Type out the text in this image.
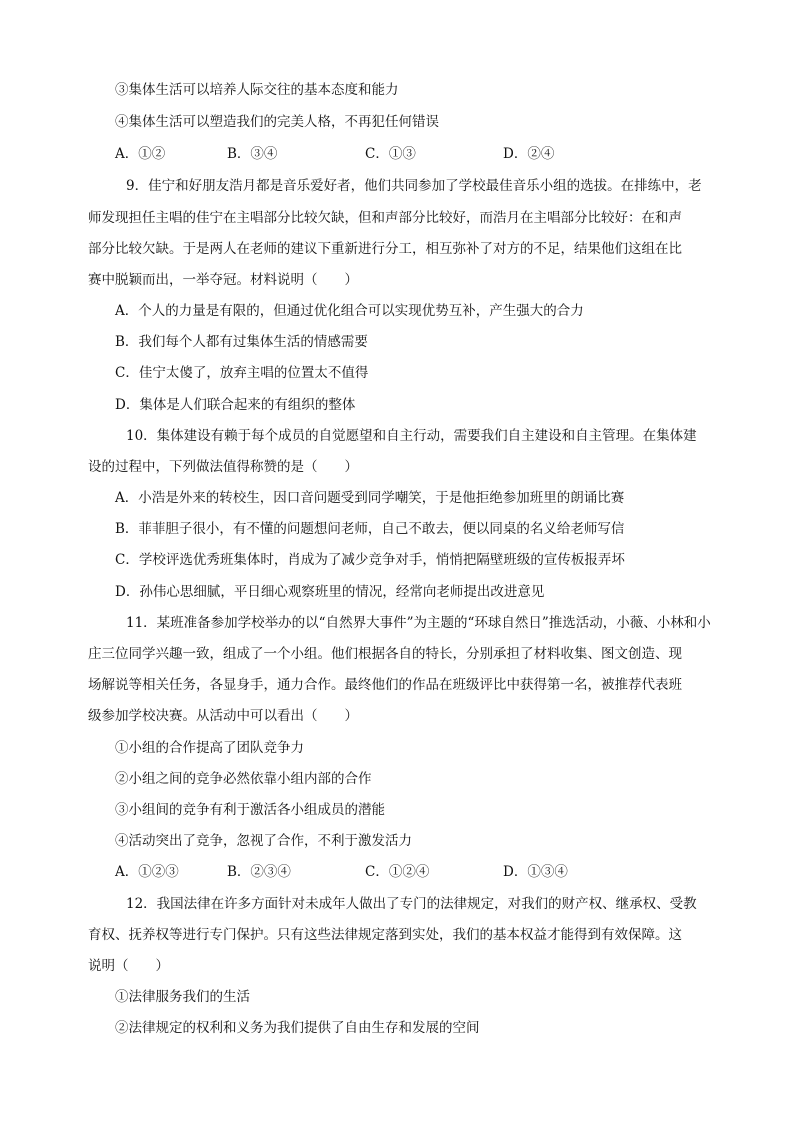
③集体生活可以培养人际交往的基本态度和能力
④集体生活可以塑造我们的完美人格，不再犯任何错误
A．①②	B．③④	C．①③	D．②④
9．佳宁和好朋友浩月都是音乐爱好者，他们共同参加了学校最佳音乐小组的选拔。在排练中，老
师发现担任主唱的佳宁在主唱部分比较欠缺，但和声部分比较好，而浩月在主唱部分比较好：在和声
部分比较欠缺。于是两人在老师的建议下重新进行分工，相互弥补了对方的不足，结果他们这组在比
赛中脱颖而出，一举夺冠。材料说明（　　）
A．个人的力量是有限的，但通过优化组合可以实现优势互补，产生强大的合力
B．我们每个人都有过集体生活的情感需要
C．佳宁太傻了，放弃主唱的位置太不值得
D．集体是人们联合起来的有组织的整体
10．集体建设有赖于每个成员的自觉愿望和自主行动，需要我们自主建设和自主管理。在集体建
设的过程中，下列做法值得称赞的是（　　）
A．小浩是外来的转校生，因口音问题受到同学嘲笑，于是他拒绝参加班里的朗诵比赛
B．菲菲胆子很小，有不懂的问题想问老师，自己不敢去，便以同桌的名义给老师写信
C．学校评选优秀班集体时，肖成为了减少竞争对手，悄悄把隔壁班级的宣传板报弄坏
D．孙伟心思细腻，平日细心观察班里的情况，经常向老师提出改进意见
11．某班准备参加学校举办的以“自然界大事件”为主题的“环球自然日”推选活动，小薇、小林和小
庄三位同学兴趣一致，组成了一个小组。他们根据各自的特长，分别承担了材料收集、图文创造、现
场解说等相关任务，各显身手，通力合作。最终他们的作品在班级评比中获得第一名，被推荐代表班
级参加学校决赛。从活动中可以看出（　　）
①小组的合作提高了团队竞争力
②小组之间的竞争必然依靠小组内部的合作
③小组间的竞争有利于激活各小组成员的潜能
④活动突出了竞争，忽视了合作，不利于激发活力
A．①②③	B．②③④	C．①②④	D．①③④
12．我国法律在许多方面针对未成年人做出了专门的法律规定，对我们的财产权、继承权、受教
育权、抚养权等进行专门保护。只有这些法律规定落到实处，我们的基本权益才能得到有效保障。这
说明（　　）
①法律服务我们的生活
②法律规定的权利和义务为我们提供了自由生存和发展的空间
